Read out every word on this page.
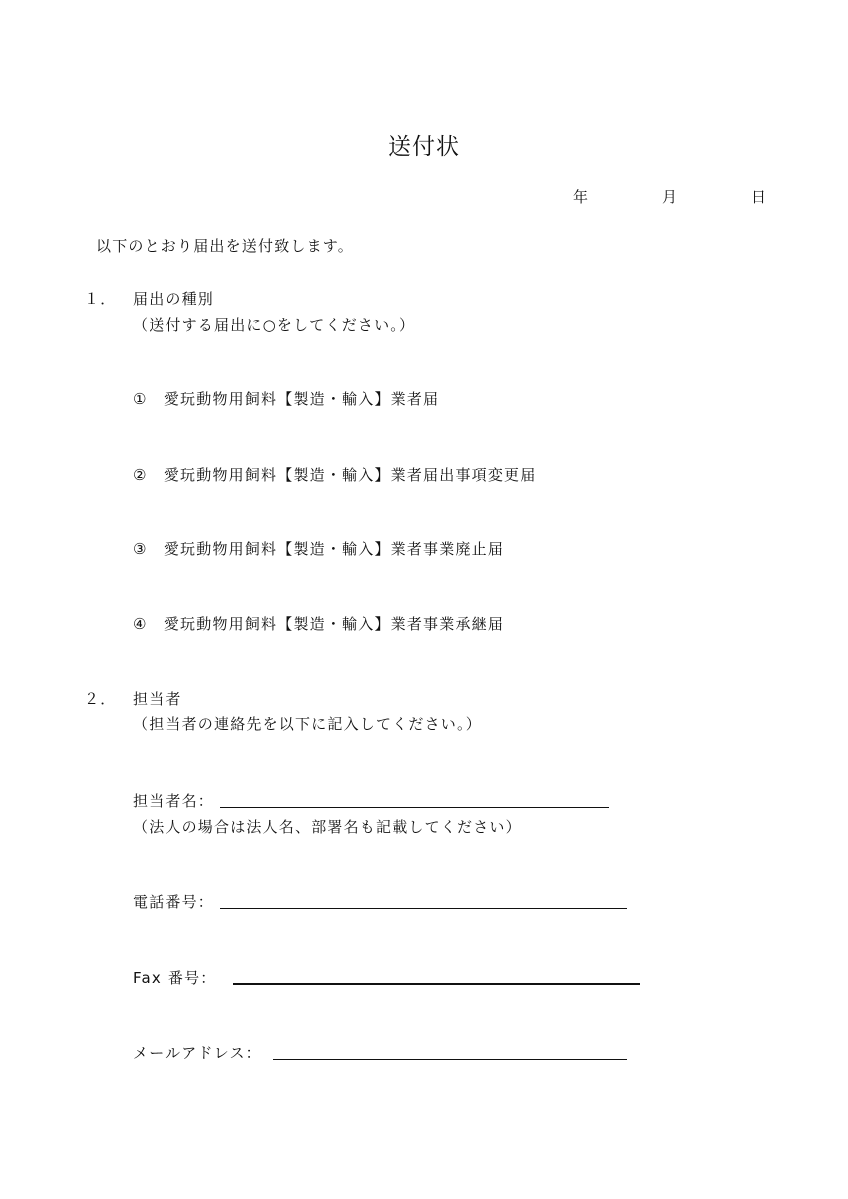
送付状
年	月	日
以下のとおり届出を送付致します。
１． 届出の種別
（送付する届出に○をしてください。）
①　愛玩動物用飼料【製造・輸入】業者届
②　愛玩動物用飼料【製造・輸入】業者届出事項変更届
③　愛玩動物用飼料【製造・輸入】業者事業廃止届
④　愛玩動物用飼料【製造・輸入】業者事業承継届
２． 担当者
（担当者の連絡先を以下に記入してください。）
担当者名：
（法人の場合は法人名、部署名も記載してください）
電話番号：
Fax 番号：
メールアドレス：
